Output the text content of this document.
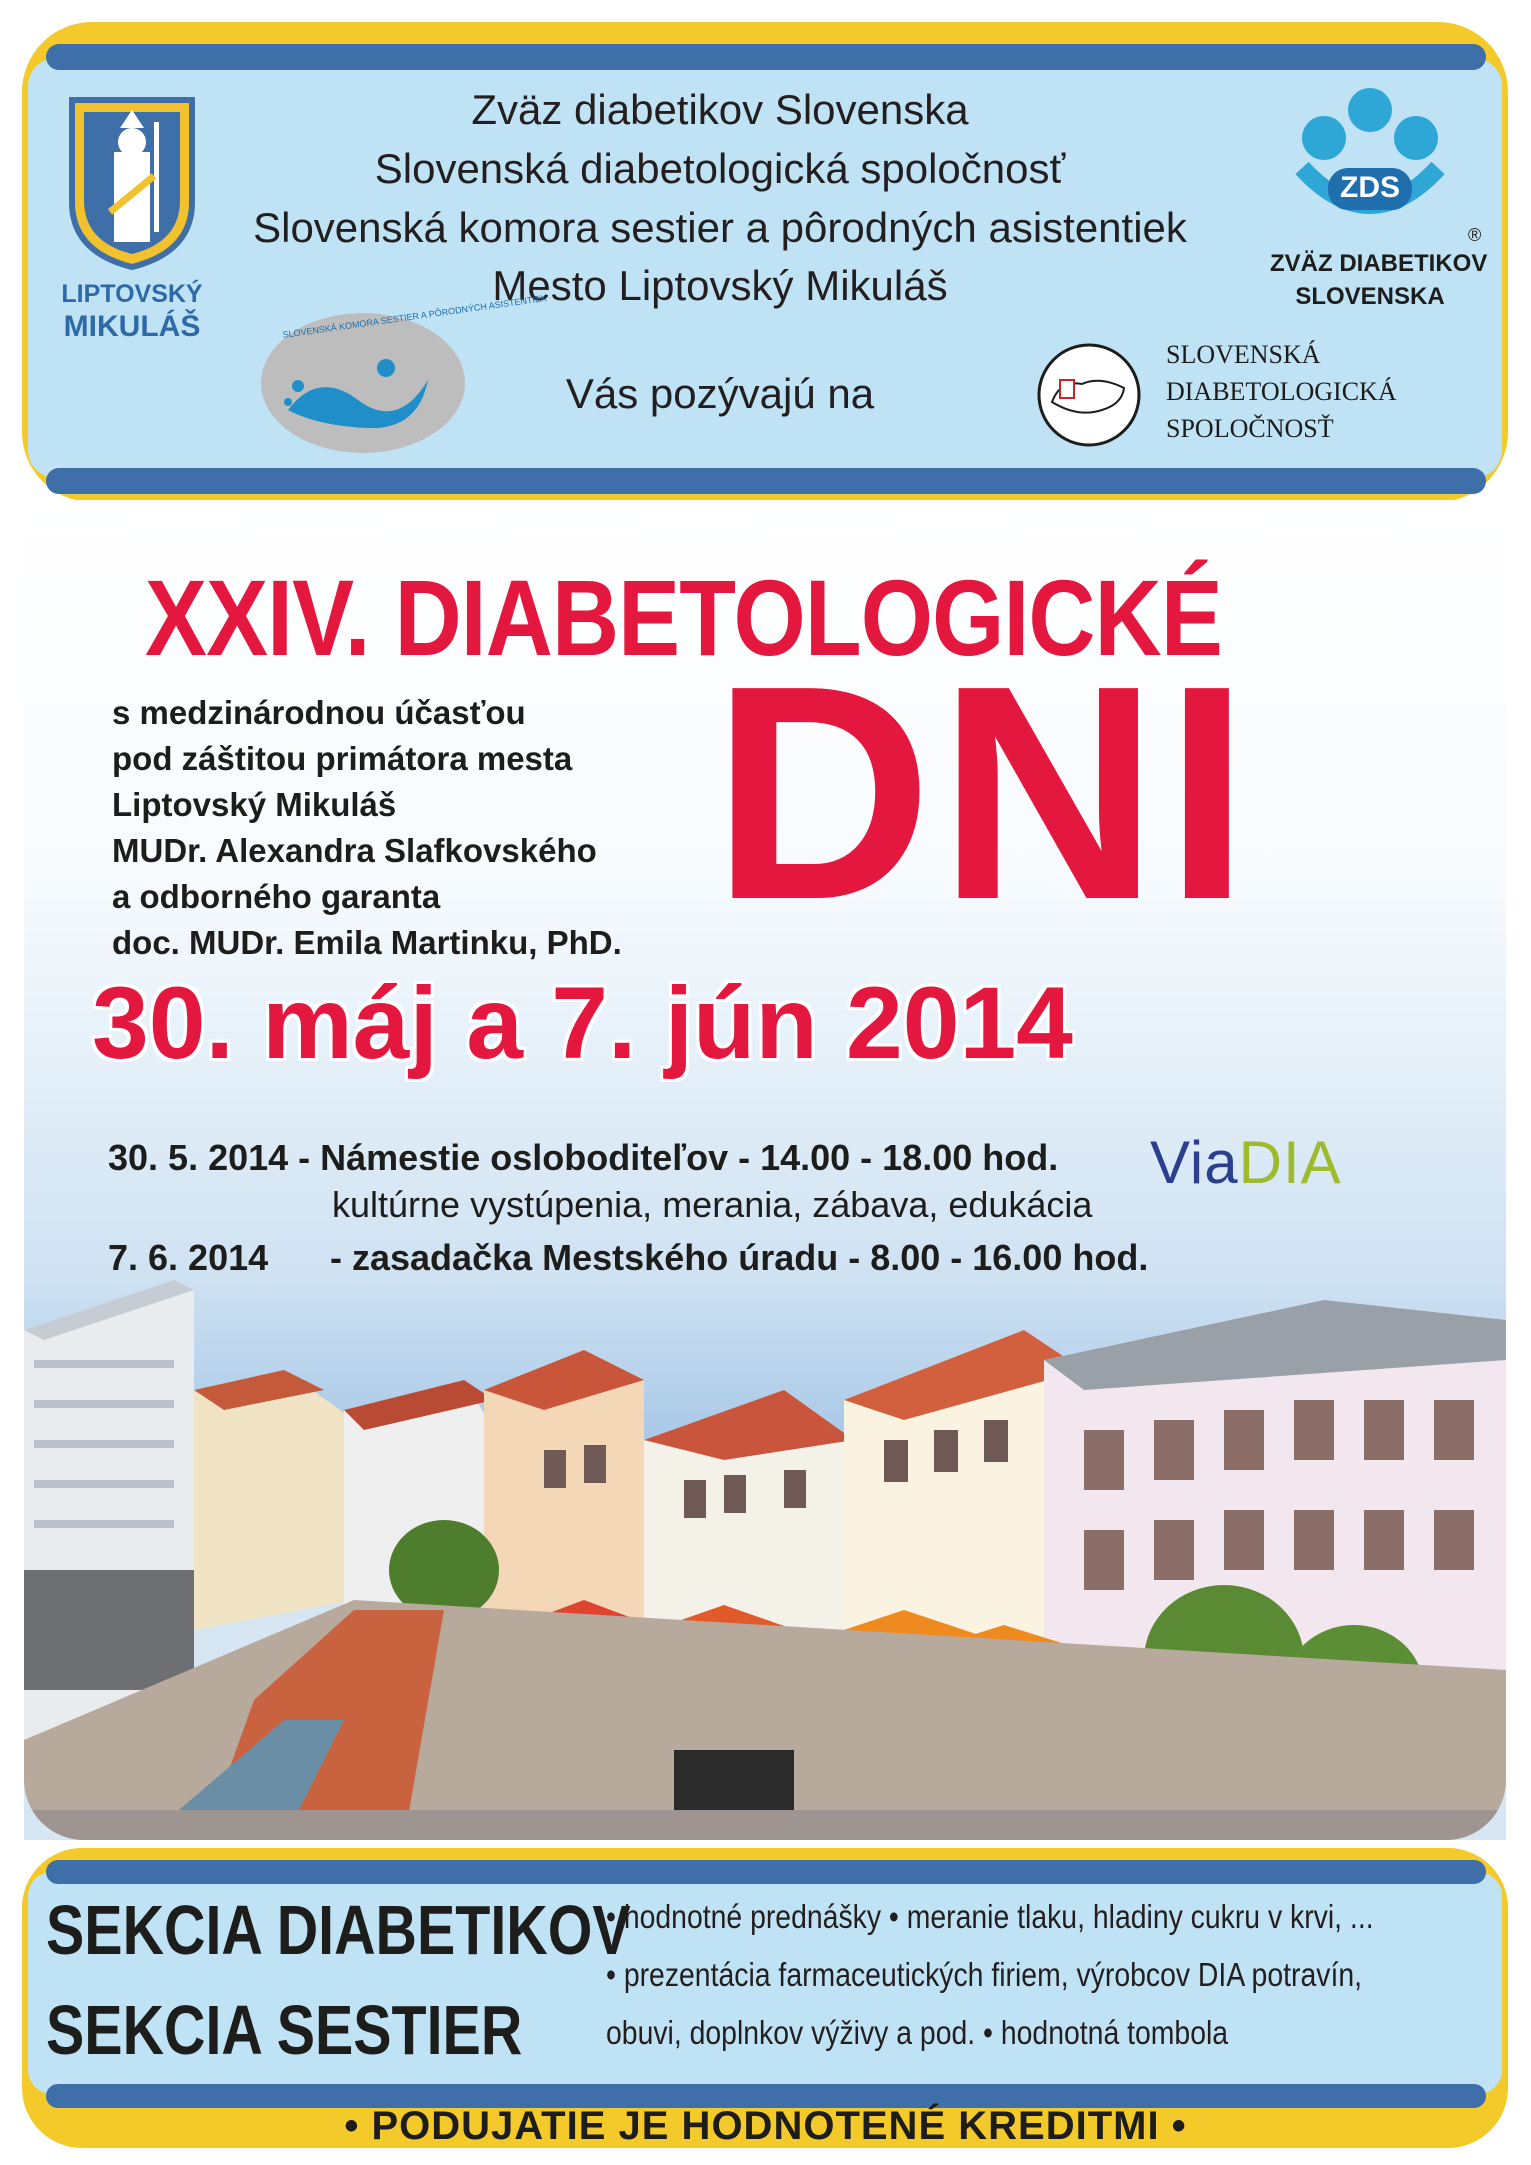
LIPTOVSKÝ
MIKULÁŠ
Zväz diabetikov Slovenska
Slovenská diabetologická spoločnosť
Slovenská komora sestier a pôrodných asistentiek
Mesto Liptovský Mikuláš
Vás pozývajú na
ZDS
®
ZVÄZ DIABETIKOV
SLOVENSKA
SLOVENSKÁ KOMORA SESTIER A PÔRODNÝCH ASISTENTIEK
SLOVENSKÁ
DIABETOLOGICKÁ
SPOLOČNOSŤ
XXIV. DIABETOLOGICKÉ
DNI
s medzinárodnou účasťou
pod záštitou primátora mesta
Liptovský Mikuláš
MUDr. Alexandra Slafkovského
a odborného garanta
doc. MUDr. Emila Martinku, PhD.
30. máj a 7. jún 2014
30. 5. 2014 - Námestie osloboditeľov - 14.00 - 18.00 hod.
kultúrne vystúpenia, merania, zábava, edukácia
7. 6. 2014 - zasadačka Mestského úradu - 8.00 - 16.00 hod.
ViaDIA
SEKCIA DIABETIKOV
SEKCIA SESTIER
• hodnotné prednášky • meranie tlaku, hladiny cukru v krvi, ...
• prezentácia farmaceutických firiem, výrobcov DIA potravín,
obuvi, doplnkov výživy a pod. • hodnotná tombola
• PODUJATIE JE HODNOTENÉ KREDITMI •
